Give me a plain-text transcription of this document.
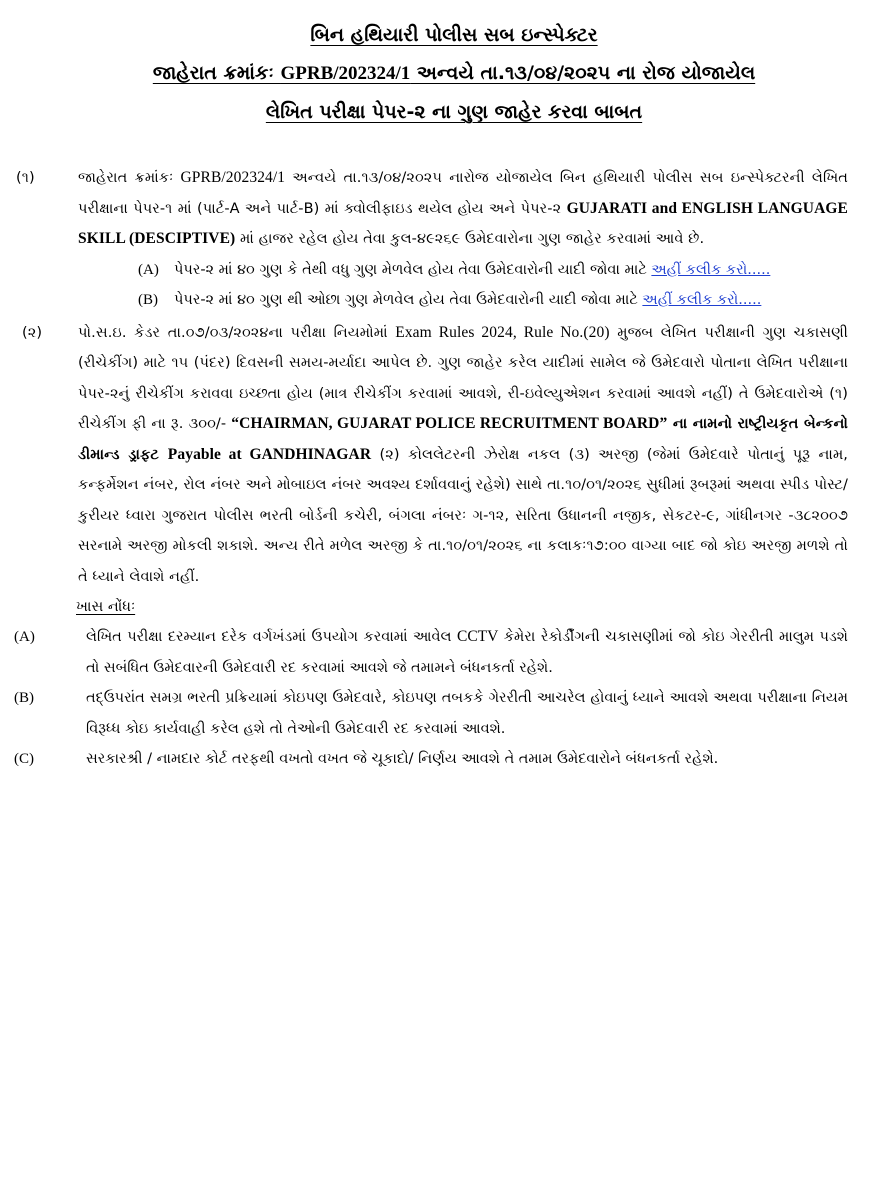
બિન હથિયારી પોલીસ સબ ઇન્સ્પેક્ટર
જાહેરાત ક્રમાંકઃ GPRB/202324/1 અન્વયે તા.૧૩/૦૪/૨૦૨૫ ના રોજ યોજાયેલ
લેખિત પરીક્ષા પેપર-૨ ના ગુણ જાહેર કરવા બાબત
(૧)	જાહેરાત ક્રમાંકઃ GPRB/202324/1 અન્વયે તા.૧૩/૦૪/૨૦૨૫ નારોજ યોજાયેલ બિન હથિયારી પોલીસ સબ ઇન્સ્પેક્ટરની લેખિત પરીક્ષાના પેપર-૧ માં (પાર્ટ-A અને પાર્ટ-B) માં ક્વોલીફાઇડ થયેલ હોય અને પેપર-૨ GUJARATI and ENGLISH LANGUAGE SKILL (DESCIPTIVE) માં હાજર રહેલ હોય તેવા કુલ-૪૯૨૬૯ ઉમેદવારોના ગુણ જાહેર કરવામાં આવે છે.
(A) પેપર-૨ માં ૪૦ ગુણ કે તેથી વધુ ગુણ મેળવેલ હોય તેવા ઉમેદવારોની યાદી જોવા માટે અહીં કલીક કરો.....
(B) પેપર-૨ માં ૪૦ ગુણ થી ઓછા ગુણ મેળવેલ હોય તેવા ઉમેદવારોની યાદી જોવા માટે અહીં કલીક કરો.....
(૨)	પો.સ.ઇ. કેડર તા.૦૭/૦૩/૨૦૨૪ના પરીક્ષા નિયમોમાં Exam Rules 2024, Rule No.(20) મુજબ લેખિત પરીક્ષાની ગુણ ચકાસણી (રીચેકીંગ) માટે ૧૫ (પંદર) દિવસની સમય-મર્યાદા આપેલ છે. ગુણ જાહેર કરેલ યાદીમાં સામેલ જે ઉમેદવારો પોતાના લેખિત પરીક્ષાના પેપર-૨નું રીચેકીંગ કરાવવા ઇચ્છતા હોય (માત્ર રીચેકીંગ કરવામાં આવશે, રી-ઇવેલ્યુએશન કરવામાં આવશે નહીં) તે ઉમેદવારોએ (૧) રીચેકીંગ ફી ના રૂ. ૩૦૦/- “CHAIRMAN, GUJARAT POLICE RECRUITMENT BOARD” ના નામનો રાષ્ટ્રીયકૃત બેન્કનો ડીમાન્ડ ડ્રાફટ Payable at GANDHINAGAR (૨) કોલલેટરની ઝેરોક્ષ નકલ (૩) અરજી (જેમાં ઉમેદવારે પોતાનું પૂરૂ નામ, કન્ફર્મેશન નંબર, રોલ નંબર અને મોબાઇલ નંબર અવશ્ય દર્શાવવાનું રહેશે) સાથે તા.૧૦/૦૧/૨૦૨૬ સુધીમાં રૂબરૂમાં અથવા સ્પીડ પોસ્ટ/કુરીયર ધ્વારા ગુજરાત પોલીસ ભરતી બોર્ડની કચેરી, બંગલા નંબરઃ ગ-૧૨, સરિતા ઉધાનની નજીક, સેકટર-૯, ગાંધીનગર -૩૮૨૦૦૭ સરનામે અરજી મોકલી શકાશે. અન્ય રીતે મળેલ અરજી કે તા.૧૦/૦૧/૨૦૨૬ ના કલાકઃ૧૭:૦૦ વાગ્યા બાદ જો કોઇ અરજી મળશે તો તે ધ્યાને લેવાશે નહીં.
ખાસ નોંધઃ
(A)	લેખિત પરીક્ષા દરમ્યાન દરેક વર્ગખંડમાં ઉપયોગ કરવામાં આવેલ CCTV કેમેરા રેકોર્ડીંગની ચકાસણીમાં જો કોઇ ગેરરીતી માલુમ પડશે તો સબંધિત ઉમેદવારની ઉમેદવારી રદ કરવામાં આવશે જે તમામને બંધનકર્તા રહેશે.
(B)	તદ્ઉપરાંત સમગ્ર ભરતી પ્રક્રિયામાં કોઇપણ ઉમેદવારે, કોઇપણ તબકકે ગેરરીતી આચરેલ હોવાનું ધ્યાને આવશે અથવા પરીક્ષાના નિયમ વિરૂધ્ધ કોઇ કાર્યવાહી કરેલ હશે તો તેઓની ઉમેદવારી રદ કરવામાં આવશે.
(C)	સરકારશ્રી / નામદાર કોર્ટ તરફથી વખતો વખત જે ચૂકાદો/ નિર્ણય આવશે તે તમામ ઉમેદવારોને બંધનકર્તા રહેશે.
